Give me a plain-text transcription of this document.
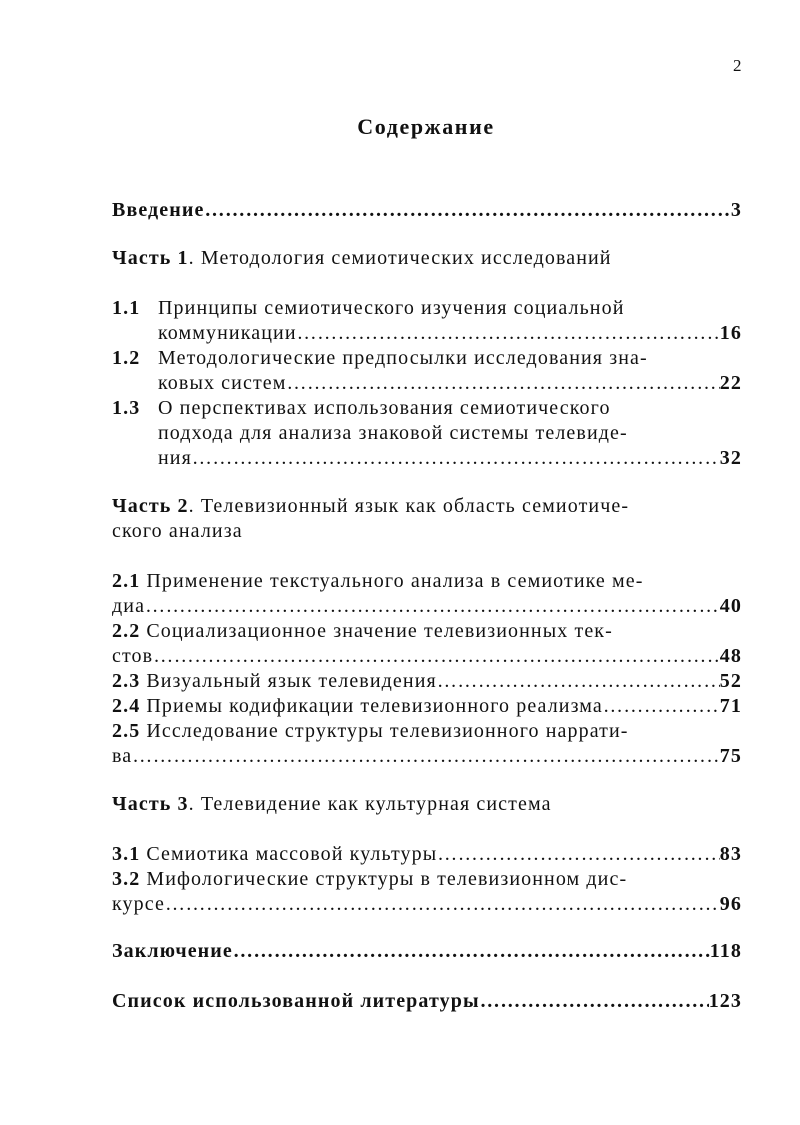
2
Содержание
Введение ……………………………………………………………………………………………………………………………………………………	3
Часть 1. Методология семиотических исследований
1.1 Принципы семиотического изучения социальной
коммуникации ……………………………………………………………………………………………………………………………………………………	16
1.2 Методологические предпосылки исследования зна-
ковых систем ……………………………………………………………………………………………………………………………………………………	22
1.3 О перспективах использования семиотического
подхода для анализа знаковой системы телевиде-
ния ……………………………………………………………………………………………………………………………………………………	32
Часть 2. Телевизионный язык как область семиотиче-
ского анализа
2.1 Применение текстуального анализа в семиотике ме-
диа ……………………………………………………………………………………………………………………………………………………	40
2.2 Социализационное значение телевизионных тек-
стов ……………………………………………………………………………………………………………………………………………………	48
2.3 Визуальный язык телевидения ……………………………………………………………………………………………………………………………………………………	52
2.4 Приемы кодификации телевизионного реализма ……………………………………………………………………………………………………………………………………………………	71
2.5 Исследование структуры телевизионного наррати-
ва ……………………………………………………………………………………………………………………………………………………	75
Часть 3. Телевидение как культурная система
3.1 Семиотика массовой культуры ……………………………………………………………………………………………………………………………………………………	83
3.2 Мифологические структуры в телевизионном дис-
курсе ……………………………………………………………………………………………………………………………………………………	96
Заключение ……………………………………………………………………………………………………………………………………………………	118
Список использованной литературы ……………………………………………………………………………………………………………………………………………………	123
